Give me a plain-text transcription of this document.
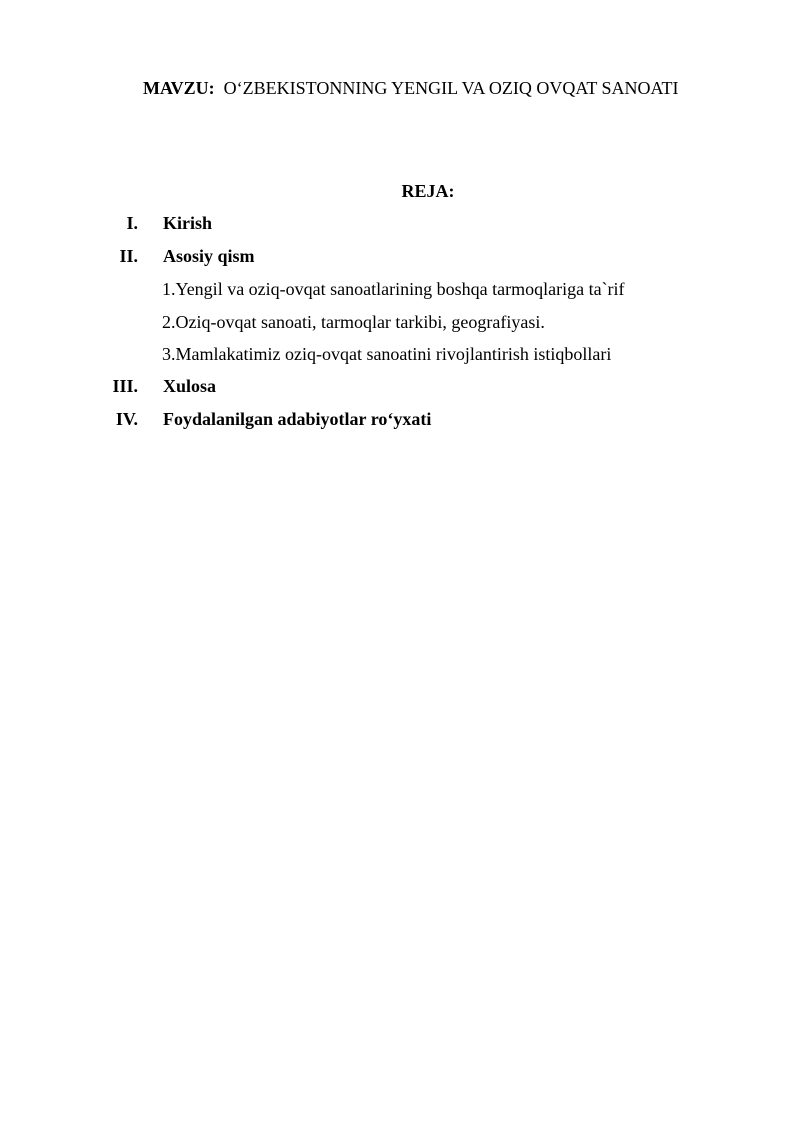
MAVZU: O‘ZBEKISTONNING YENGIL VA OZIQ OVQAT SANOATI
REJA:
I. Kirish
II. Asosiy qism
1.Yengil va oziq-ovqat sanoatlarining boshqa tarmoqlariga ta`rif
2.Oziq-ovqat sanoati, tarmoqlar tarkibi, geografiyasi.
3.Mamlakatimiz oziq-ovqat sanoatini rivojlantirish istiqbollari
III. Xulosa
IV. Foydalanilgan adabiyotlar ro‘yxati
